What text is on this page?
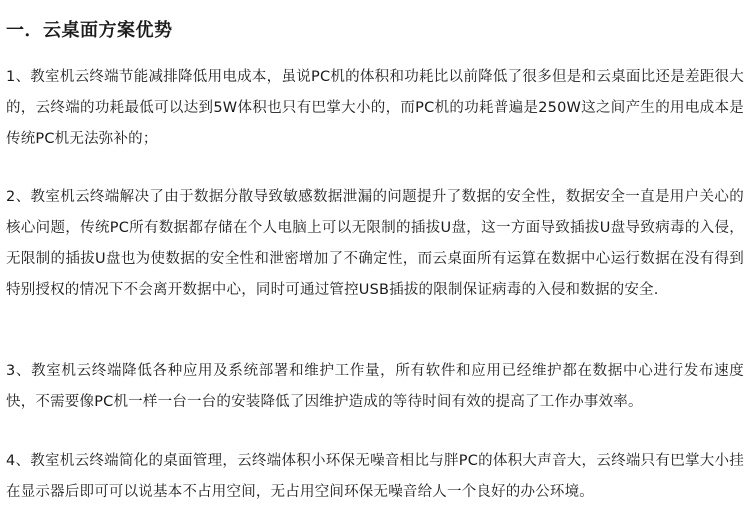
一．云桌面方案优势
1、教室机云终端节能减排降低用电成本，虽说PC机的体积和功耗比以前降低了很多但是和云桌面比还是差距很大的，云终端的功耗最低可以达到5W体积也只有巴掌大小的，而PC机的功耗普遍是250W这之间产生的用电成本是传统PC机无法弥补的；
2、教室机云终端解决了由于数据分散导致敏感数据泄漏的问题提升了数据的安全性，数据安全一直是用户关心的核心问题，传统PC所有数据都存储在个人电脑上可以无限制的插拔U盘，这一方面导致插拔U盘导致病毒的入侵，无限制的插拔U盘也为使数据的安全性和泄密增加了不确定性，而云桌面所有运算在数据中心运行数据在没有得到特别授权的情况下不会离开数据中心，同时可通过管控USB插拔的限制保证病毒的入侵和数据的安全.
3、教室机云终端降低各种应用及系统部署和维护工作量，所有软件和应用已经维护都在数据中心进行发布速度快，不需要像PC机一样一台一台的安装降低了因维护造成的等待时间有效的提高了工作办事效率。
4、教室机云终端简化的桌面管理，云终端体积小环保无噪音相比与胖PC的体积大声音大，云终端只有巴掌大小挂在显示器后即可可以说基本不占用空间，无占用空间环保无噪音给人一个良好的办公环境。
